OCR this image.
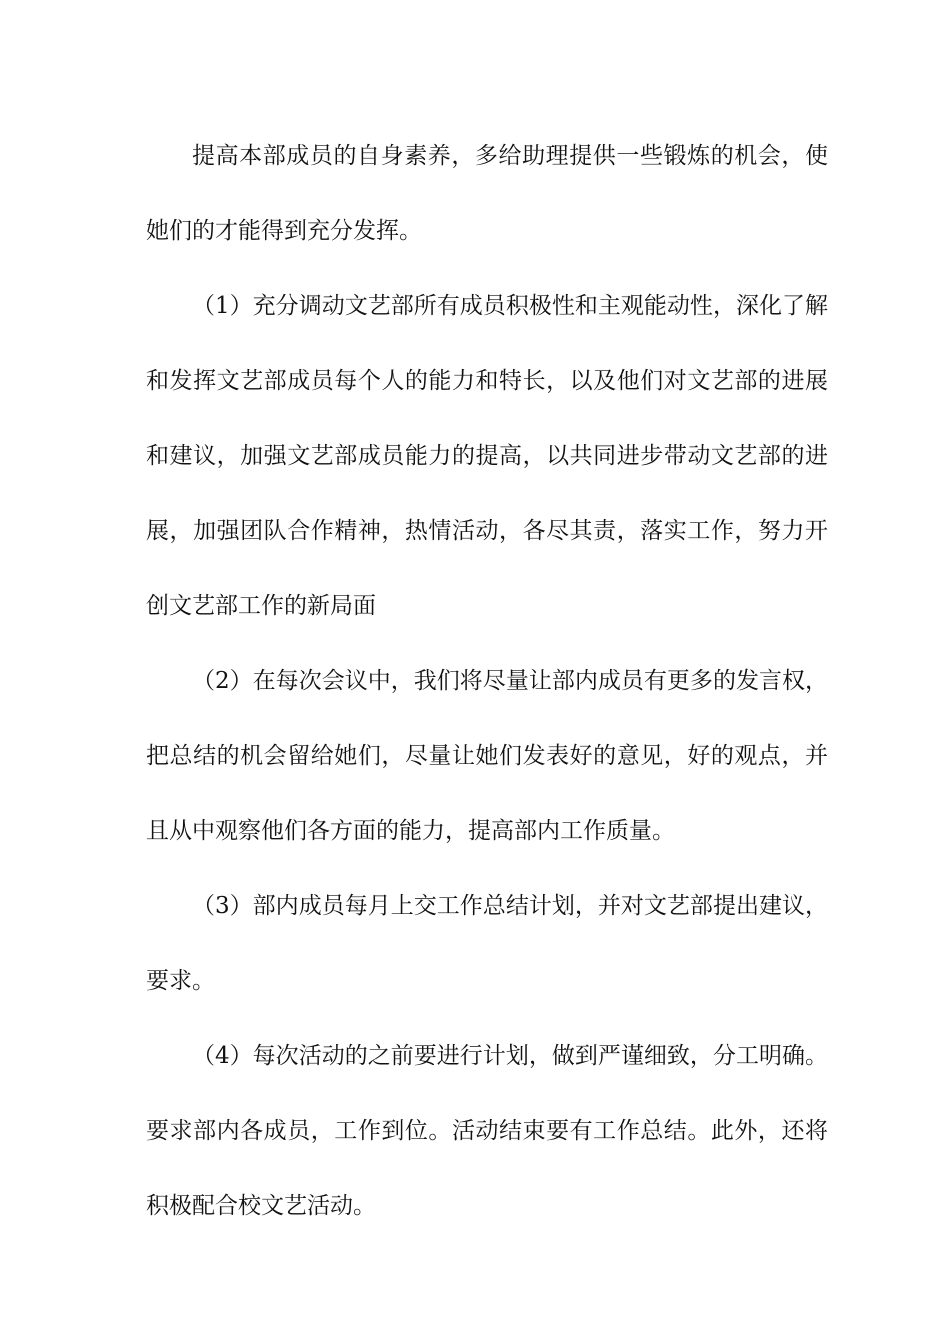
提高本部成员的自身素养，多给助理提供一些锻炼的机会，使她们的才能得到充分发挥。

（1）充分调动文艺部所有成员积极性和主观能动性，深化了解和发挥文艺部成员每个人的能力和特长，以及他们对文艺部的进展和建议，加强文艺部成员能力的提高，以共同进步带动文艺部的进展，加强团队合作精神，热情活动，各尽其责，落实工作，努力开创文艺部工作的新局面

（2）在每次会议中，我们将尽量让部内成员有更多的发言权，把总结的机会留给她们，尽量让她们发表好的意见，好的观点，并且从中观察他们各方面的能力，提高部内工作质量。

（3）部内成员每月上交工作总结计划，并对文艺部提出建议，要求。

（4）每次活动的之前要进行计划，做到严谨细致，分工明确。要求部内各成员，工作到位。活动结束要有工作总结。此外，还将积极配合校文艺活动。
